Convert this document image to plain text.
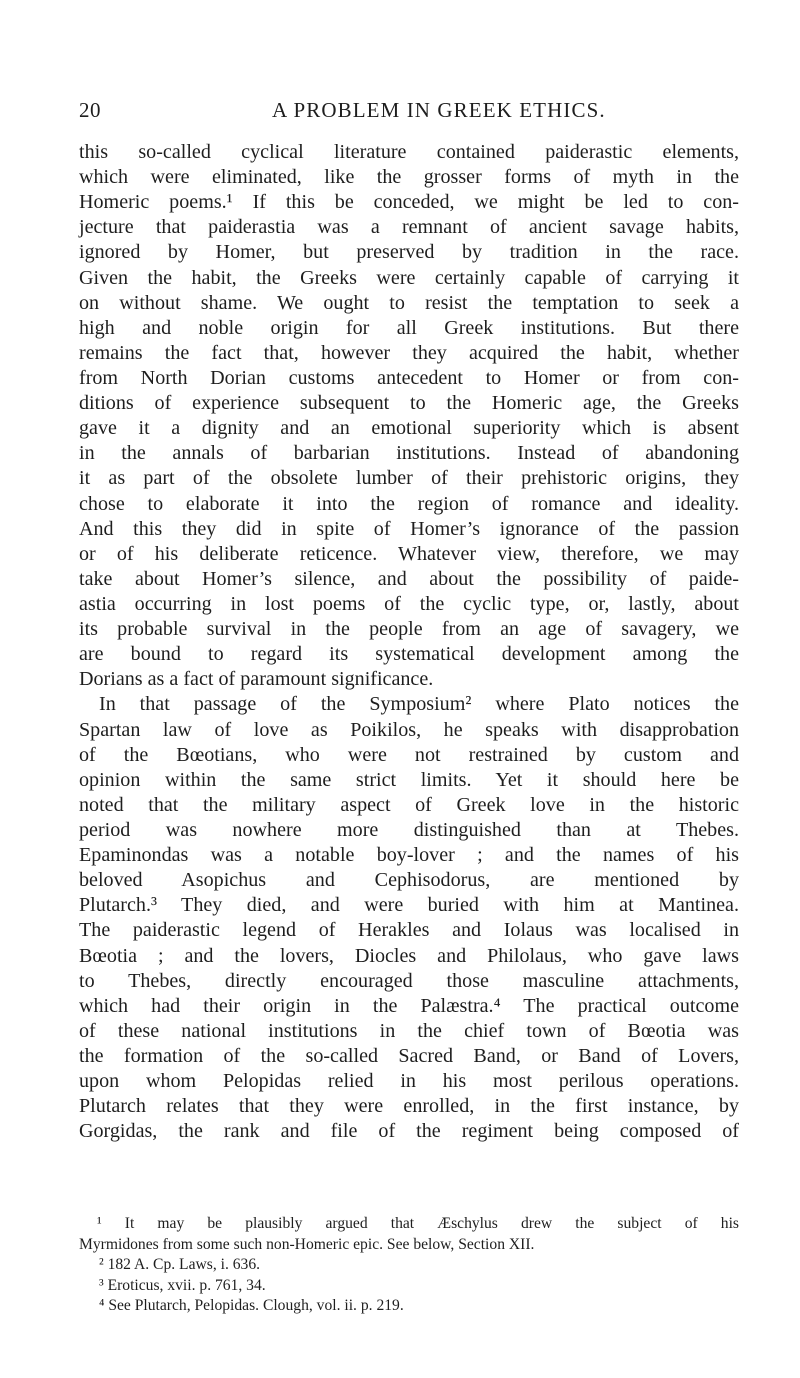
20	A PROBLEM IN GREEK ETHICS.
this so-called cyclical literature contained paiderastic elements,
which were eliminated, like the grosser forms of myth in the
Homeric poems.¹ If this be conceded, we might be led to con-
jecture that paiderastia was a remnant of ancient savage habits,
ignored by Homer, but preserved by tradition in the race.
Given the habit, the Greeks were certainly capable of carrying it
on without shame. We ought to resist the temptation to seek a
high and noble origin for all Greek institutions. But there
remains the fact that, however they acquired the habit, whether
from North Dorian customs antecedent to Homer or from con-
ditions of experience subsequent to the Homeric age, the Greeks
gave it a dignity and an emotional superiority which is absent
in the annals of barbarian institutions. Instead of abandoning
it as part of the obsolete lumber of their prehistoric origins, they
chose to elaborate it into the region of romance and ideality.
And this they did in spite of Homer’s ignorance of the passion
or of his deliberate reticence. Whatever view, therefore, we may
take about Homer’s silence, and about the possibility of paide-
astia occurring in lost poems of the cyclic type, or, lastly, about
its probable survival in the people from an age of savagery, we
are bound to regard its systematical development among the
Dorians as a fact of paramount significance.
In that passage of the Symposium² where Plato notices the
Spartan law of love as Poikilos, he speaks with disapprobation
of the Bœotians, who were not restrained by custom and
opinion within the same strict limits. Yet it should here be
noted that the military aspect of Greek love in the historic
period was nowhere more distinguished than at Thebes.
Epaminondas was a notable boy-lover ; and the names of his
beloved Asopichus and Cephisodorus, are mentioned by
Plutarch.³ They died, and were buried with him at Mantinea.
The paiderastic legend of Herakles and Iolaus was localised in
Bœotia ; and the lovers, Diocles and Philolaus, who gave laws
to Thebes, directly encouraged those masculine attachments,
which had their origin in the Palæstra.⁴ The practical outcome
of these national institutions in the chief town of Bœotia was
the formation of the so-called Sacred Band, or Band of Lovers,
upon whom Pelopidas relied in his most perilous operations.
Plutarch relates that they were enrolled, in the first instance, by
Gorgidas, the rank and file of the regiment being composed of
¹ It may be plausibly argued that Æschylus drew the subject of his
Myrmidones from some such non-Homeric epic. See below, Section XII.
² 182 A. Cp. Laws, i. 636.
³ Eroticus, xvii. p. 761, 34.
⁴ See Plutarch, Pelopidas. Clough, vol. ii. p. 219.
